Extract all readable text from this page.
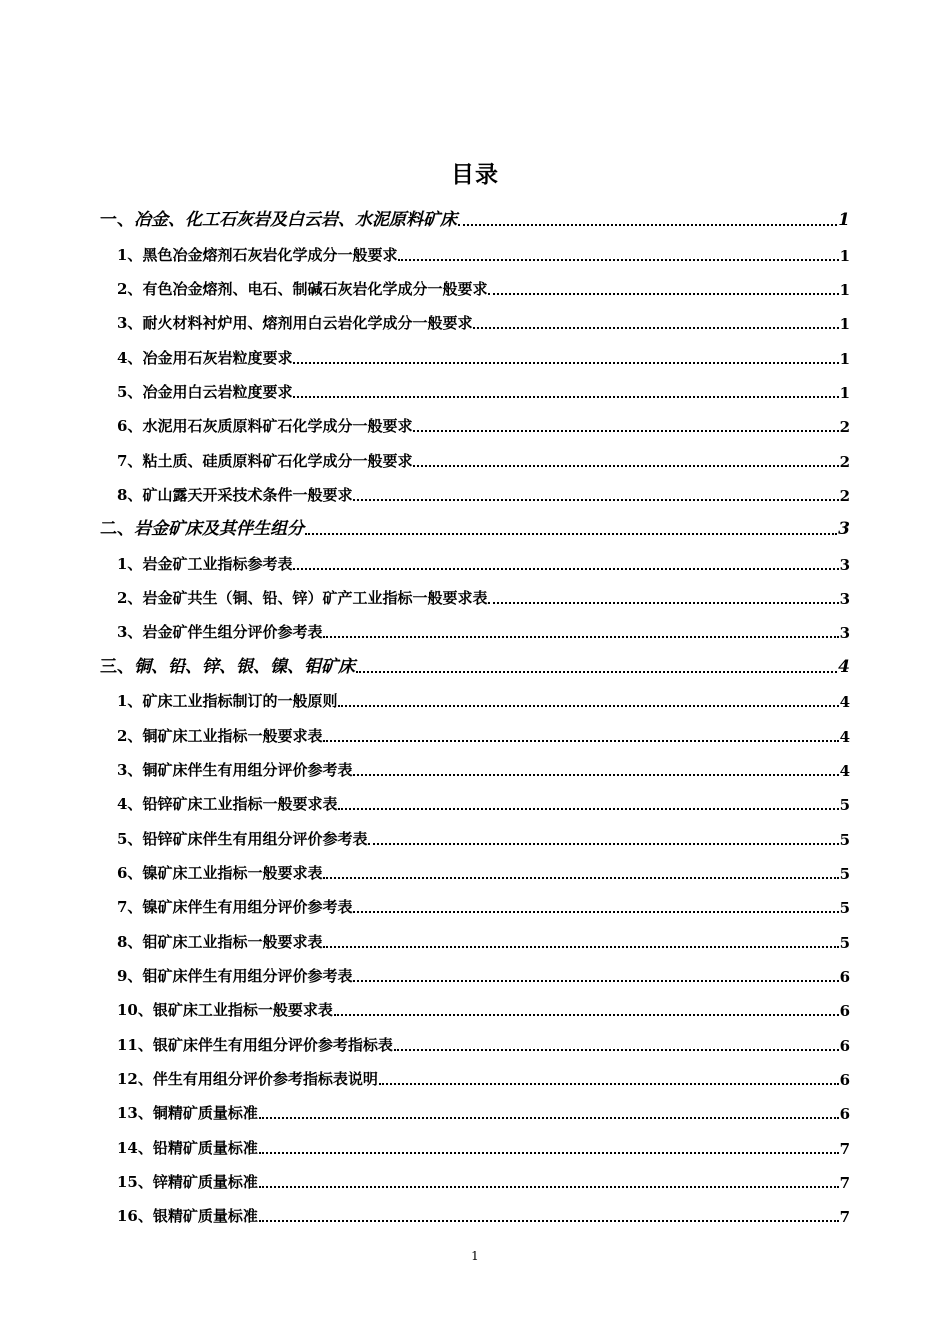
目录
一、冶金、化工石灰岩及白云岩、水泥原料矿床	1
1、黑色冶金熔剂石灰岩化学成分一般要求	1
2、有色冶金熔剂、电石、制碱石灰岩化学成分一般要求	1
3、耐火材料衬炉用、熔剂用白云岩化学成分一般要求	1
4、冶金用石灰岩粒度要求	1
5、冶金用白云岩粒度要求	1
6、水泥用石灰质原料矿石化学成分一般要求	2
7、粘土质、硅质原料矿石化学成分一般要求	2
8、矿山露天开采技术条件一般要求	2
二、岩金矿床及其伴生组分	3
1、岩金矿工业指标参考表	3
2、岩金矿共生（铜、铅、锌）矿产工业指标一般要求表	3
3、岩金矿伴生组分评价参考表	3
三、铜、铅、锌、银、镍、钼矿床	4
1、矿床工业指标制订的一般原则	4
2、铜矿床工业指标一般要求表	4
3、铜矿床伴生有用组分评价参考表	4
4、铅锌矿床工业指标一般要求表	5
5、铅锌矿床伴生有用组分评价参考表	5
6、镍矿床工业指标一般要求表	5
7、镍矿床伴生有用组分评价参考表	5
8、钼矿床工业指标一般要求表	5
9、钼矿床伴生有用组分评价参考表	6
10、银矿床工业指标一般要求表	6
11、银矿床伴生有用组分评价参考指标表	6
12、伴生有用组分评价参考指标表说明	6
13、铜精矿质量标准	6
14、铅精矿质量标准	7
15、锌精矿质量标准	7
16、银精矿质量标准	7
1
